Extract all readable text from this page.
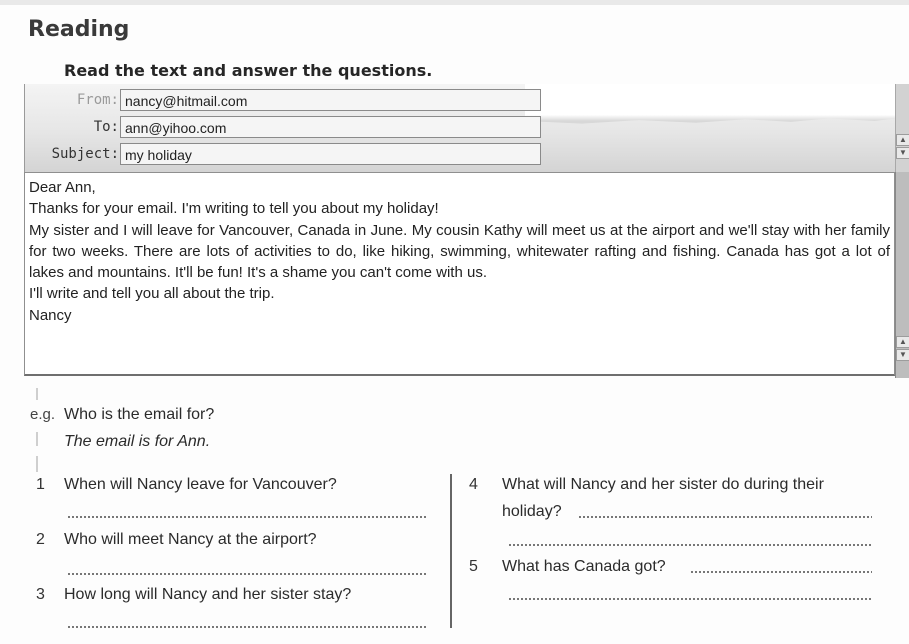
Reading
Read the text and answer the questions.
From: nancy@hitmail.com
To: ann@yihoo.com
Subject: my holiday
▲
▼

Dear Ann,

Thanks for your email. I'm writing to tell you about my holiday!

My sister and I will leave for Vancouver, Canada in June. My cousin Kathy will meet us at the airport and we'll stay with her family for two weeks. There are lots of activities to do, like hiking, swimming, whitewater rafting and fishing. Canada has got a lot of lakes and mountains. It'll be fun! It's a shame you can't come with us.

I'll write and tell you all about the trip.

Nancy

▲
▼
e.g. Who is the email for?
The email is for Ann.
1 When will Nancy leave for Vancouver?
2 Who will meet Nancy at the airport?
3 How long will Nancy and her sister stay?
4 What will Nancy and her sister do during their
holiday?
5 What has Canada got?
